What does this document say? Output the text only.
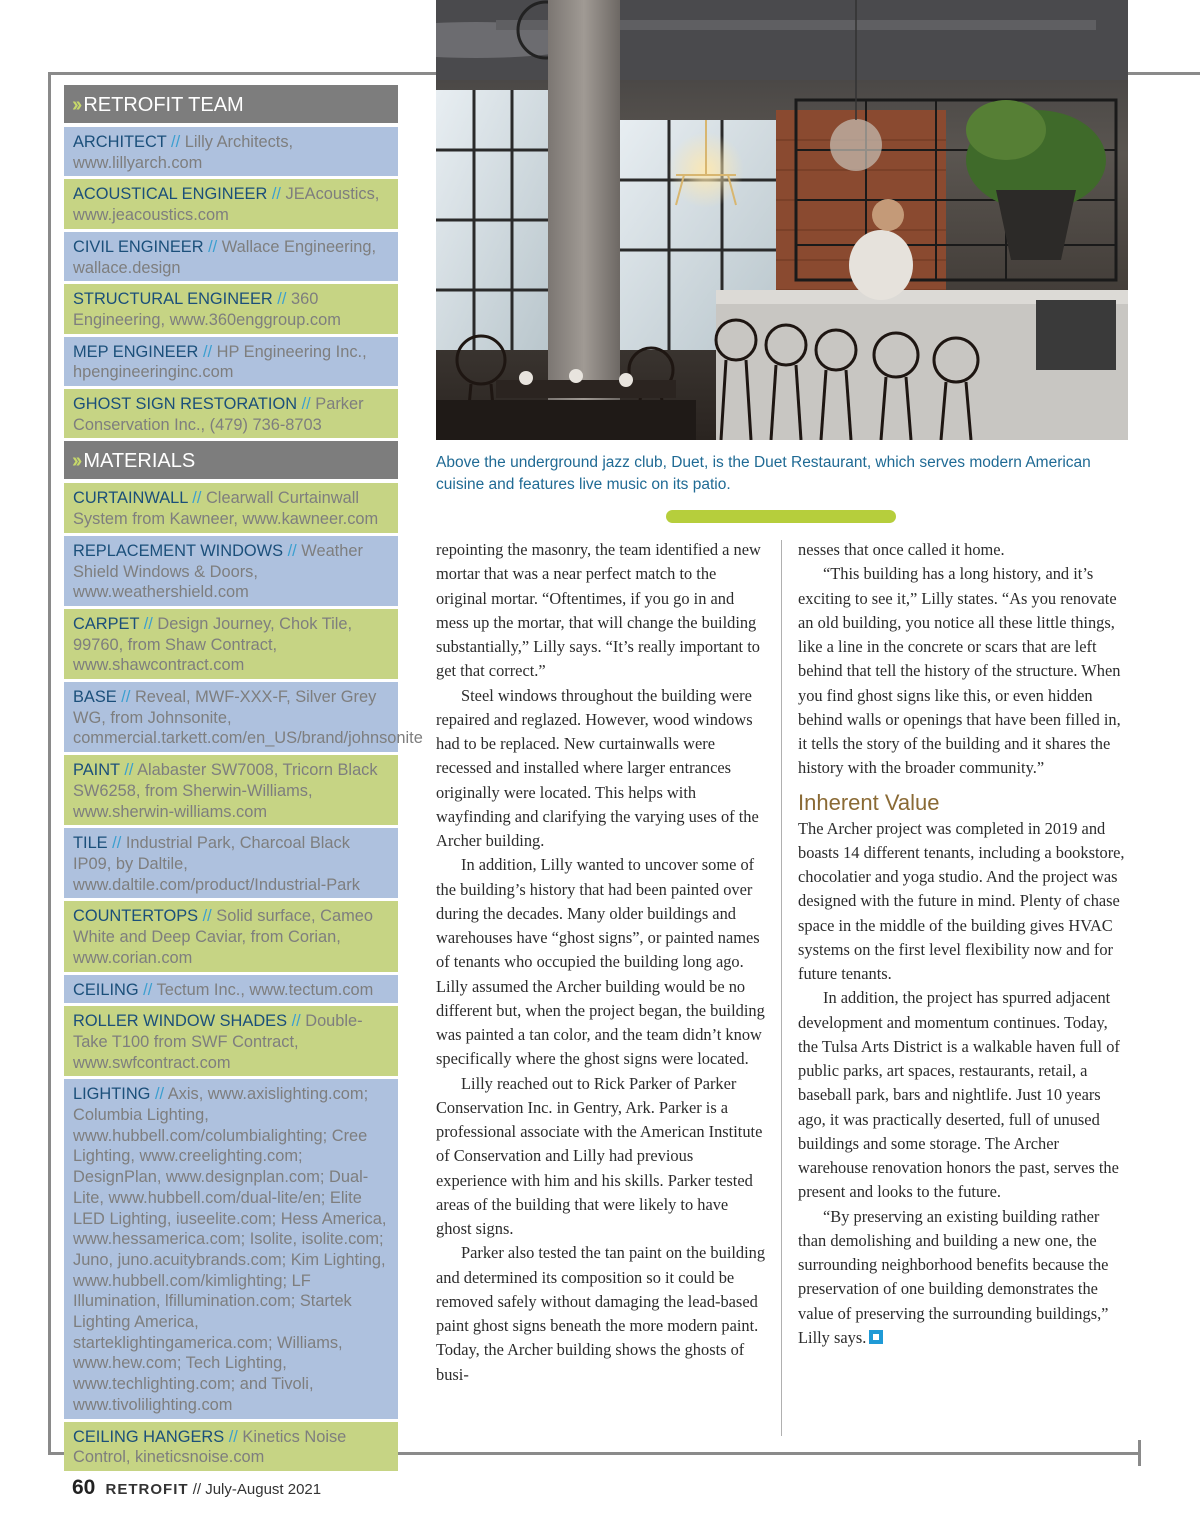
›› RETROFIT TEAM
ARCHITECT // Lilly Architects, www.lillyarch.com
ACOUSTICAL ENGINEER // JEAcoustics, www.jeacoustics.com
CIVIL ENGINEER // Wallace Engineering, wallace.design
STRUCTURAL ENGINEER // 360 Engineering, www.360enggroup.com
MEP ENGINEER // HP Engineering Inc., hpengineeringinc.com
GHOST SIGN RESTORATION // Parker Conservation Inc., (479) 736-8703
›› MATERIALS
CURTAINWALL // Clearwall Curtainwall System from Kawneer, www.kawneer.com
REPLACEMENT WINDOWS // Weather Shield Windows & Doors, www.weathershield.com
CARPET // Design Journey, Chok Tile, 99760, from Shaw Contract, www.shawcontract.com
BASE // Reveal, MWF-XXX-F, Silver Grey WG, from Johnsonite, commercial.tarkett.com/en_US/brand/johnsonite
PAINT // Alabaster SW7008, Tricorn Black SW6258, from Sherwin-Williams, www.sherwin-williams.com
TILE // Industrial Park, Charcoal Black IP09, by Daltile, www.daltile.com/product/Industrial-Park
COUNTERTOPS // Solid surface, Cameo White and Deep Caviar, from Corian, www.corian.com
CEILING // Tectum Inc., www.tectum.com
ROLLER WINDOW SHADES // Double-Take T100 from SWF Contract, www.swfcontract.com
LIGHTING // Axis, www.axislighting.com; Columbia Lighting, www.hubbell.com/columbialighting; Cree Lighting, www.creelighting.com; DesignPlan, www.designplan.com; Dual-Lite, www.hubbell.com/dual-lite/en; Elite LED Lighting, iuseelite.com; Hess America, www.hessamerica.com; Isolite, isolite.com; Juno, juno.acuitybrands.com; Kim Lighting, www.hubbell.com/kimlighting; LF Illumination, lfillumination.com; Startek Lighting America, starteklightingamerica.com; Williams, www.hew.com; Tech Lighting, www.techlighting.com; and Tivoli, www.tivolilighting.com
CEILING HANGERS // Kinetics Noise Control, kineticsnoise.com
Above the underground jazz club, Duet, is the Duet Restaurant, which serves modern American cuisine and features live music on its patio.

repointing the masonry, the team identified a new mortar that was a near perfect match to the original mortar. “Oftentimes, if you go in and mess up the mortar, that will change the building substantially,” Lilly says. “It’s really important to get that correct.”

Steel windows throughout the building were repaired and reglazed. However, wood windows had to be replaced. New curtainwalls were recessed and installed where larger entrances originally were located. This helps with wayfinding and clarifying the varying uses of the Archer building.

In addition, Lilly wanted to uncover some of the building’s history that had been painted over during the decades. Many older buildings and warehouses have “ghost signs”, or painted names of tenants who occupied the building long ago. Lilly assumed the Archer building would be no different but, when the project began, the building was painted a tan color, and the team didn’t know specifically where the ghost signs were located.

Lilly reached out to Rick Parker of Parker Conservation Inc. in Gentry, Ark. Parker is a professional associate with the American Institute of Conservation and Lilly had previous experience with him and his skills. Parker tested areas of the building that were likely to have ghost signs.

Parker also tested the tan paint on the building and determined its composition so it could be removed safely without damaging the lead-based paint ghost signs beneath the more modern paint. Today, the Archer building shows the ghosts of busi-

nesses that once called it home.

“This building has a long history, and it’s exciting to see it,” Lilly states. “As you renovate an old building, you notice all these little things, like a line in the concrete or scars that are left behind that tell the history of the structure. When you find ghost signs like this, or even hidden behind walls or openings that have been filled in, it tells the story of the building and it shares the history with the broader community.”

Inherent Value

The Archer project was completed in 2019 and boasts 14 different tenants, including a bookstore, chocolatier and yoga studio. And the project was designed with the future in mind. Plenty of chase space in the middle of the building gives HVAC systems on the first level flexibility now and for future tenants.

In addition, the project has spurred adjacent development and momentum continues. Today, the Tulsa Arts District is a walkable haven full of public parks, art spaces, restaurants, retail, a baseball park, bars and nightlife. Just 10 years ago, it was practically deserted, full of unused buildings and some storage. The Archer warehouse renovation honors the past, serves the present and looks to the future.

“By preserving an existing building rather than demolishing and building a new one, the surrounding neighborhood benefits because the preservation of one building demonstrates the value of preserving the surrounding buildings,” Lilly says.

60 RETROFIT // July-August 2021
